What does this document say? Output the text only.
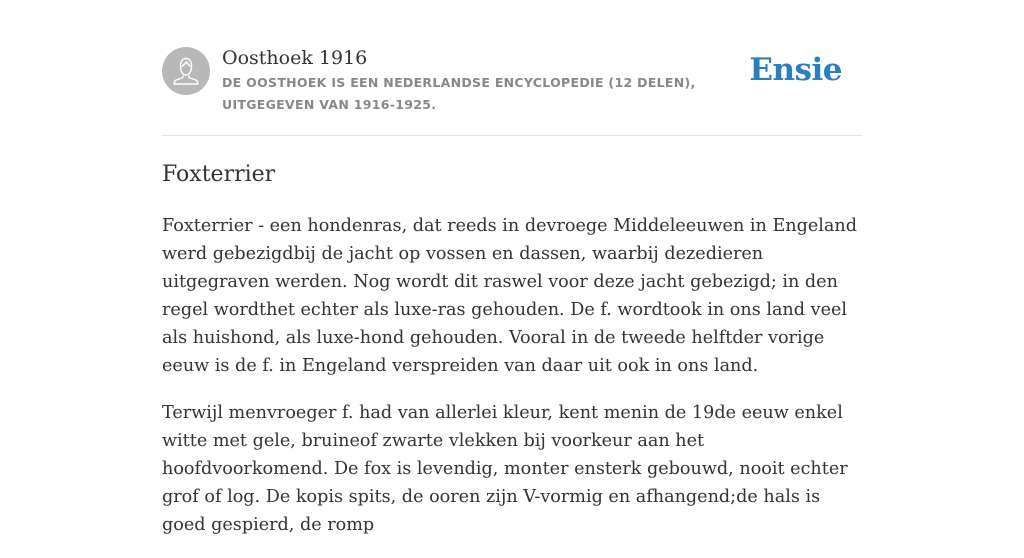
Oosthoek 1916
DE OOSTHOEK IS EEN NEDERLANDSE ENCYCLOPEDIE (12 DELEN), UITGEGEVEN VAN 1916-1925.
Ensie
Foxterrier

Foxterrier - een hondenras, dat reeds in devroege Middeleeuwen in Engeland werd gebezigdbij de jacht op vossen en dassen, waarbij dezedieren uitgegraven werden. Nog wordt dit raswel voor deze jacht gebezigd; in den regel wordthet echter als luxe-ras gehouden. De f. wordtook in ons land veel als huishond, als luxe-hond gehouden. Vooral in de tweede helftder vorige eeuw is de f. in Engeland verspreiden van daar uit ook in ons land.

Terwijl menvroeger f. had van allerlei kleur, kent menin de 19de eeuw enkel witte met gele, bruineof zwarte vlekken bij voorkeur aan het hoofdvoorkomend. De fox is levendig, monter ensterk gebouwd, nooit echter grof of log. De kopis spits, de ooren zijn V-vormig en afhangend;de hals is goed gespierd, de romp
